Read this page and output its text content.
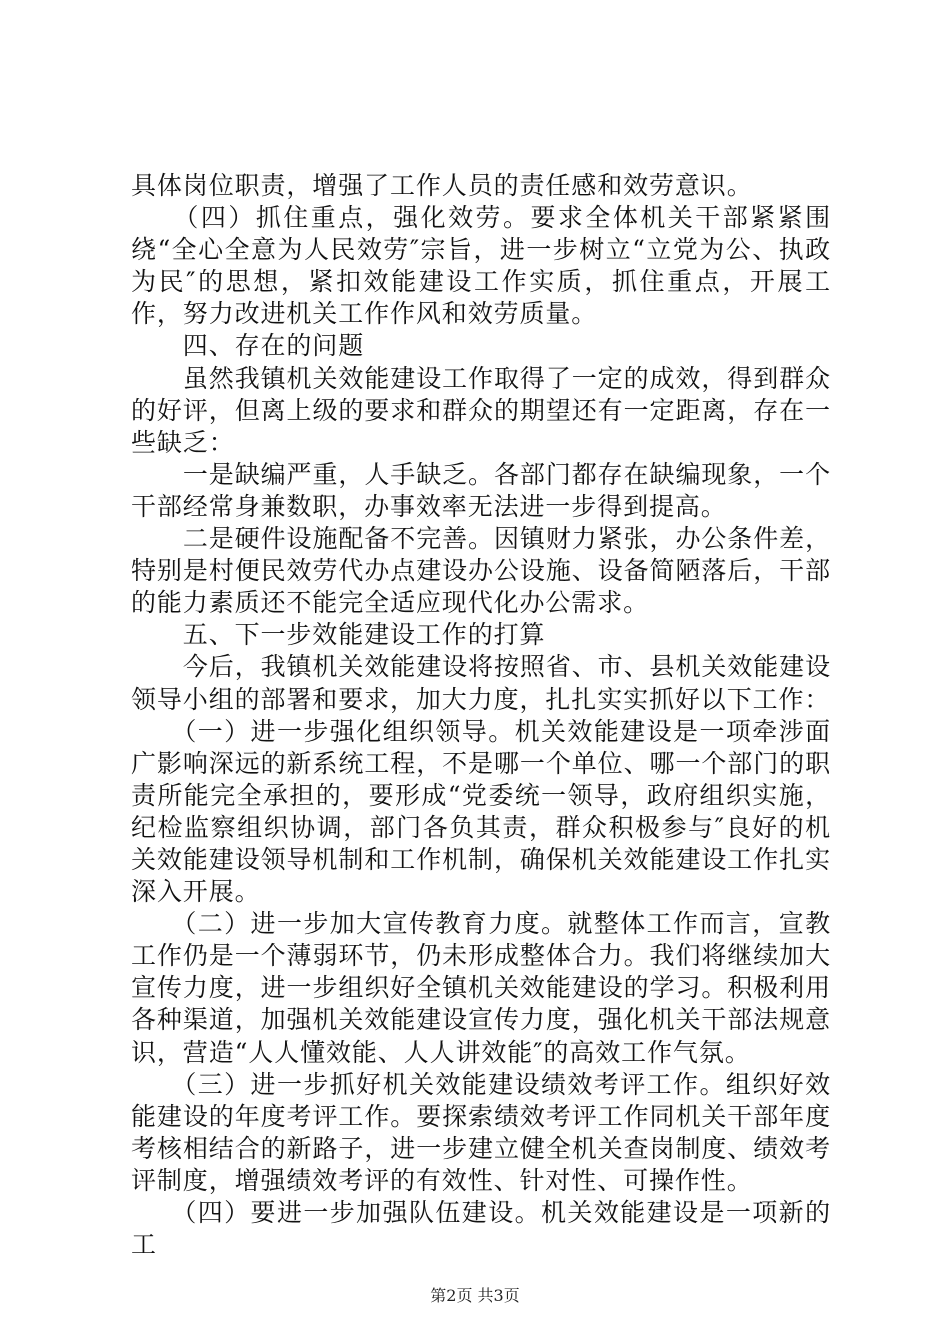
具体岗位职责，增强了工作人员的责任感和效劳意识。

　　（四）抓住重点，强化效劳。要求全体机关干部紧紧围绕“全心全意为人民效劳″宗旨，进一步树立“立党为公、执政为民″的思想，紧扣效能建设工作实质，抓住重点，开展工作，努力改进机关工作作风和效劳质量。

　　四、存在的问题

　　虽然我镇机关效能建设工作取得了一定的成效，得到群众的好评，但离上级的要求和群众的期望还有一定距离，存在一些缺乏：

　　一是缺编严重，人手缺乏。各部门都存在缺编现象，一个干部经常身兼数职，办事效率无法进一步得到提高。

　　二是硬件设施配备不完善。因镇财力紧张，办公条件差，特别是村便民效劳代办点建设办公设施、设备简陋落后，干部的能力素质还不能完全适应现代化办公需求。

　　五、下一步效能建设工作的打算

　　今后，我镇机关效能建设将按照省、市、县机关效能建设领导小组的部署和要求，加大力度，扎扎实实抓好以下工作：

　　（一）进一步强化组织领导。机关效能建设是一项牵涉面广影响深远的新系统工程，不是哪一个单位、哪一个部门的职责所能完全承担的，要形成“党委统一领导，政府组织实施，纪检监察组织协调，部门各负其责，群众积极参与″良好的机关效能建设领导机制和工作机制，确保机关效能建设工作扎实深入开展。

　　（二）进一步加大宣传教育力度。就整体工作而言，宣教工作仍是一个薄弱环节，仍未形成整体合力。我们将继续加大宣传力度，进一步组织好全镇机关效能建设的学习。积极利用各种渠道，加强机关效能建设宣传力度，强化机关干部法规意识，营造“人人懂效能、人人讲效能″的高效工作气氛。

　　（三）进一步抓好机关效能建设绩效考评工作。组织好效能建设的年度考评工作。要探索绩效考评工作同机关干部年度考核相结合的新路子，进一步建立健全机关查岗制度、绩效考评制度，增强绩效考评的有效性、针对性、可操作性。

　　（四）要进一步加强队伍建设。机关效能建设是一项新的工

第2页 共3页
